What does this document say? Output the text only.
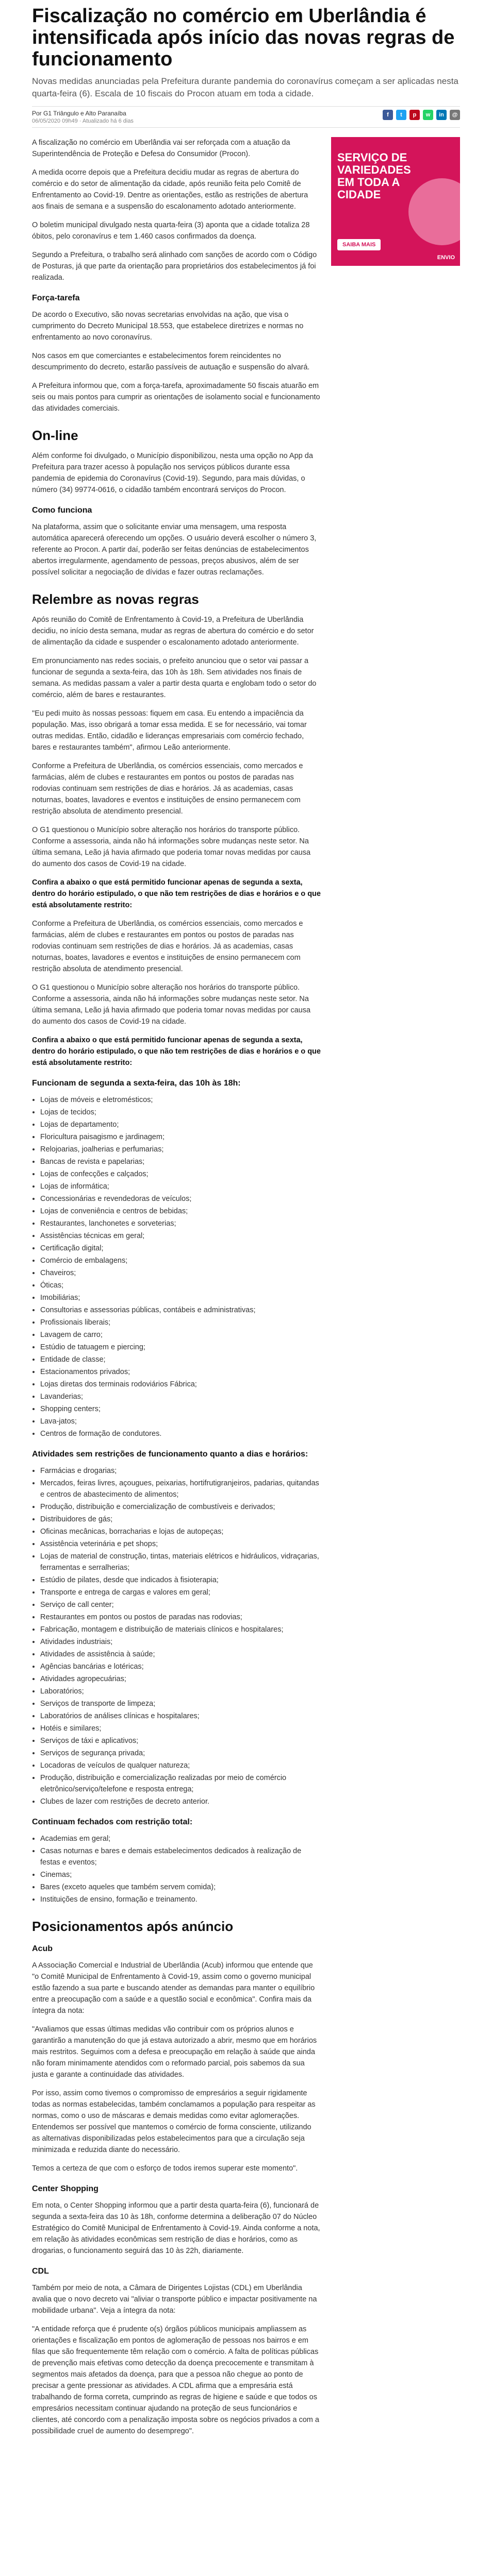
Fiscalização no comércio em Uberlândia é intensificada após início das novas regras de funcionamento

Novas medidas anunciadas pela Prefeitura durante pandemia do coronavírus começam a ser aplicadas nesta quarta-feira (6). Escala de 10 fiscais do Procon atuam em toda a cidade.

Por G1 Triângulo e Alto Paranaíba
06/05/2020 09h49 · Atualizado há 6 dias
f	t	p	w	in	@

A fiscalização no comércio em Uberlândia vai ser reforçada com a atuação da Superintendência de Proteção e Defesa do Consumidor (Procon).

A medida ocorre depois que a Prefeitura decidiu mudar as regras de abertura do comércio e do setor de alimentação da cidade, após reunião feita pelo Comitê de Enfrentamento ao Covid-19. Dentre as orientações, estão as restrições de abertura aos finais de semana e a suspensão do escalonamento adotado anteriormente.

O boletim municipal divulgado nesta quarta-feira (3) aponta que a cidade totaliza 28 óbitos, pelo coronavírus e tem 1.460 casos confirmados da doença.

Segundo a Prefeitura, o trabalho será alinhado com sanções de acordo com o Código de Posturas, já que parte da orientação para proprietários dos estabelecimentos já foi realizada.

Força-tarefa

De acordo o Executivo, são novas secretarias envolvidas na ação, que visa o cumprimento do Decreto Municipal 18.553, que estabelece diretrizes e normas no enfrentamento ao novo coronavírus.

Nos casos em que comerciantes e estabelecimentos forem reincidentes no descumprimento do decreto, estarão passíveis de autuação e suspensão do alvará.

A Prefeitura informou que, com a força-tarefa, aproximadamente 50 fiscais atuarão em seis ou mais pontos para cumprir as orientações de isolamento social e funcionamento das atividades comerciais.

On-line

Além conforme foi divulgado, o Município disponibilizou, nesta uma opção no App da Prefeitura para trazer acesso à população nos serviços públicos durante essa pandemia de epidemia do Coronavírus (Covid-19). Segundo, para mais dúvidas, o número (34) 99774-0616, o cidadão também encontrará serviços do Procon.

Como funciona

Na plataforma, assim que o solicitante enviar uma mensagem, uma resposta automática aparecerá oferecendo um opções. O usuário deverá escolher o número 3, referente ao Procon. A partir daí, poderão ser feitas denúncias de estabelecimentos abertos irregularmente, agendamento de pessoas, preços abusivos, além de ser possível solicitar a negociação de dívidas e fazer outras reclamações.

Relembre as novas regras

Após reunião do Comitê de Enfrentamento à Covid-19, a Prefeitura de Uberlândia decidiu, no início desta semana, mudar as regras de abertura do comércio e do setor de alimentação da cidade e suspender o escalonamento adotado anteriormente.

Em pronunciamento nas redes sociais, o prefeito anunciou que o setor vai passar a funcionar de segunda a sexta-feira, das 10h às 18h. Sem atividades nos finais de semana. As medidas passam a valer a partir desta quarta e englobam todo o setor do comércio, além de bares e restaurantes.

"Eu pedi muito às nossas pessoas: fiquem em casa. Eu entendo a impaciência da população. Mas, isso obrigará a tomar essa medida. E se for necessário, vai tomar outras medidas. Então, cidadão e lideranças empresariais com comércio fechado, bares e restaurantes também", afirmou Leão anteriormente.

Conforme a Prefeitura de Uberlândia, os comércios essenciais, como mercados e farmácias, além de clubes e restaurantes em pontos ou postos de paradas nas rodovias continuam sem restrições de dias e horários. Já as academias, casas noturnas, boates, lavadores e eventos e instituições de ensino permanecem com restrição absoluta de atendimento presencial.

O G1 questionou o Município sobre alteração nos horários do transporte público. Conforme a assessoria, ainda não há informações sobre mudanças neste setor. Na última semana, Leão já havia afirmado que poderia tomar novas medidas por causa do aumento dos casos de Covid-19 na cidade.

Confira a abaixo o que está permitido funcionar apenas de segunda a sexta, dentro do horário estipulado, o que não tem restrições de dias e horários e o que está absolutamente restrito:

Conforme a Prefeitura de Uberlândia, os comércios essenciais, como mercados e farmácias, além de clubes e restaurantes em pontos ou postos de paradas nas rodovias continuam sem restrições de dias e horários. Já as academias, casas noturnas, boates, lavadores e eventos e instituições de ensino permanecem com restrição absoluta de atendimento presencial.

O G1 questionou o Município sobre alteração nos horários do transporte público. Conforme a assessoria, ainda não há informações sobre mudanças neste setor. Na última semana, Leão já havia afirmado que poderia tomar novas medidas por causa do aumento dos casos de Covid-19 na cidade.

Confira a abaixo o que está permitido funcionar apenas de segunda a sexta, dentro do horário estipulado, o que não tem restrições de dias e horários e o que está absolutamente restrito:

Funcionam de segunda a sexta-feira, das 10h às 18h:
• Lojas de móveis e eletromésticos;
• Lojas de tecidos;
• Lojas de departamento;
• Floricultura paisagismo e jardinagem;
• Relojoarias, joalherias e perfumarias;
• Bancas de revista e papelarias;
• Lojas de confecções e calçados;
• Lojas de informática;
• Concessionárias e revendedoras de veículos;
• Lojas de conveniência e centros de bebidas;
• Restaurantes, lanchonetes e sorveterias;
• Assistências técnicas em geral;
• Certificação digital;
• Comércio de embalagens;
• Chaveiros;
• Óticas;
• Imobiliárias;
• Consultorias e assessorias públicas, contábeis e administrativas;
• Profissionais liberais;
• Lavagem de carro;
• Estúdio de tatuagem e piercing;
• Entidade de classe;
• Estacionamentos privados;
• Lojas diretas dos terminais rodoviários Fábrica;
• Lavanderias;
• Shopping centers;
• Lava-jatos;
• Centros de formação de condutores.
Atividades sem restrições de funcionamento quanto a dias e horários:
• Farmácias e drogarias;
• Mercados, feiras livres, açougues, peixarias, hortifrutigranjeiros, padarias, quitandas e centros de abastecimento de alimentos;
• Produção, distribuição e comercialização de combustíveis e derivados;
• Distribuidores de gás;
• Oficinas mecânicas, borracharias e lojas de autopeças;
• Assistência veterinária e pet shops;
• Lojas de material de construção, tintas, materiais elétricos e hidráulicos, vidraçarias, ferramentas e serralherias;
• Estúdio de pilates, desde que indicados à fisioterapia;
• Transporte e entrega de cargas e valores em geral;
• Serviço de call center;
• Restaurantes em pontos ou postos de paradas nas rodovias;
• Fabricação, montagem e distribuição de materiais clínicos e hospitalares;
• Atividades industriais;
• Atividades de assistência à saúde;
• Agências bancárias e lotéricas;
• Atividades agropecuárias;
• Laboratórios;
• Serviços de transporte de limpeza;
• Laboratórios de análises clínicas e hospitalares;
• Hotéis e similares;
• Serviços de táxi e aplicativos;
• Serviços de segurança privada;
• Locadoras de veículos de qualquer natureza;
• Produção, distribuição e comercialização realizadas por meio de comércio eletrônico/serviço/telefone e resposta entrega;
• Clubes de lazer com restrições de decreto anterior.
Continuam fechados com restrição total:
• Academias em geral;
• Casas noturnas e bares e demais estabelecimentos dedicados à realização de festas e eventos;
• Cinemas;
• Bares (exceto aqueles que também servem comida);
• Instituições de ensino, formação e treinamento.
Posicionamentos após anúncio
Acub

A Associação Comercial e Industrial de Uberlândia (Acub) informou que entende que "o Comitê Municipal de Enfrentamento à Covid-19, assim como o governo municipal estão fazendo a sua parte e buscando atender as demandas para manter o equilíbrio entre a preocupação com a saúde e a questão social e econômica". Confira mais da íntegra da nota:

"Avaliamos que essas últimas medidas vão contribuir com os próprios alunos e garantirão a manutenção do que já estava autorizado a abrir, mesmo que em horários mais restritos. Seguimos com a defesa e preocupação em relação à saúde que ainda não foram minimamente atendidos com o reformado parcial, pois sabemos da sua justa e garante a continuidade das atividades.

Por isso, assim como tivemos o compromisso de empresários a seguir rigidamente todas as normas estabelecidas, também conclamamos a população para respeitar as normas, como o uso de máscaras e demais medidas como evitar aglomerações. Entendemos ser possível que mantemos o comércio de forma consciente, utilizando as alternativas disponibilizadas pelos estabelecimentos para que a circulação seja minimizada e reduzida diante do necessário.

Temos a certeza de que com o esforço de todos iremos superar este momento".

Center Shopping

Em nota, o Center Shopping informou que a partir desta quarta-feira (6), funcionará de segunda a sexta-feira das 10 às 18h, conforme determina a deliberação 07 do Núcleo Estratégico do Comitê Municipal de Enfrentamento à Covid-19. Ainda conforme a nota, em relação às atividades econômicas sem restrição de dias e horários, como as drogarias, o funcionamento seguirá das 10 às 22h, diariamente.

CDL

Também por meio de nota, a Câmara de Dirigentes Lojistas (CDL) em Uberlândia avalia que o novo decreto vai "aliviar o transporte público e impactar positivamente na mobilidade urbana". Veja a íntegra da nota:

"A entidade reforça que é prudente o(s) órgãos públicos municipais ampliassem as orientações e fiscalização em pontos de aglomeração de pessoas nos bairros e em filas que são frequentemente têm relação com o comércio. A falta de políticas públicas de prevenção mais efetivas como detecção da doença precocemente e transmitam à segmentos mais afetados da doença, para que a pessoa não chegue ao ponto de precisar a gente pressionar as atividades. A CDL afirma que a empresária está trabalhando de forma correta, cumprindo as regras de higiene e saúde e que todos os empresários necessitam continuar ajudando na proteção de seus funcionários e clientes, até concordo com a penalização imposta sobre os negócios privados a com a possibilidade cruel de aumento do desemprego".

SERVIÇO DE VARIEDADES EM TODA A CIDADE
SAIBA MAIS
ENVIO
